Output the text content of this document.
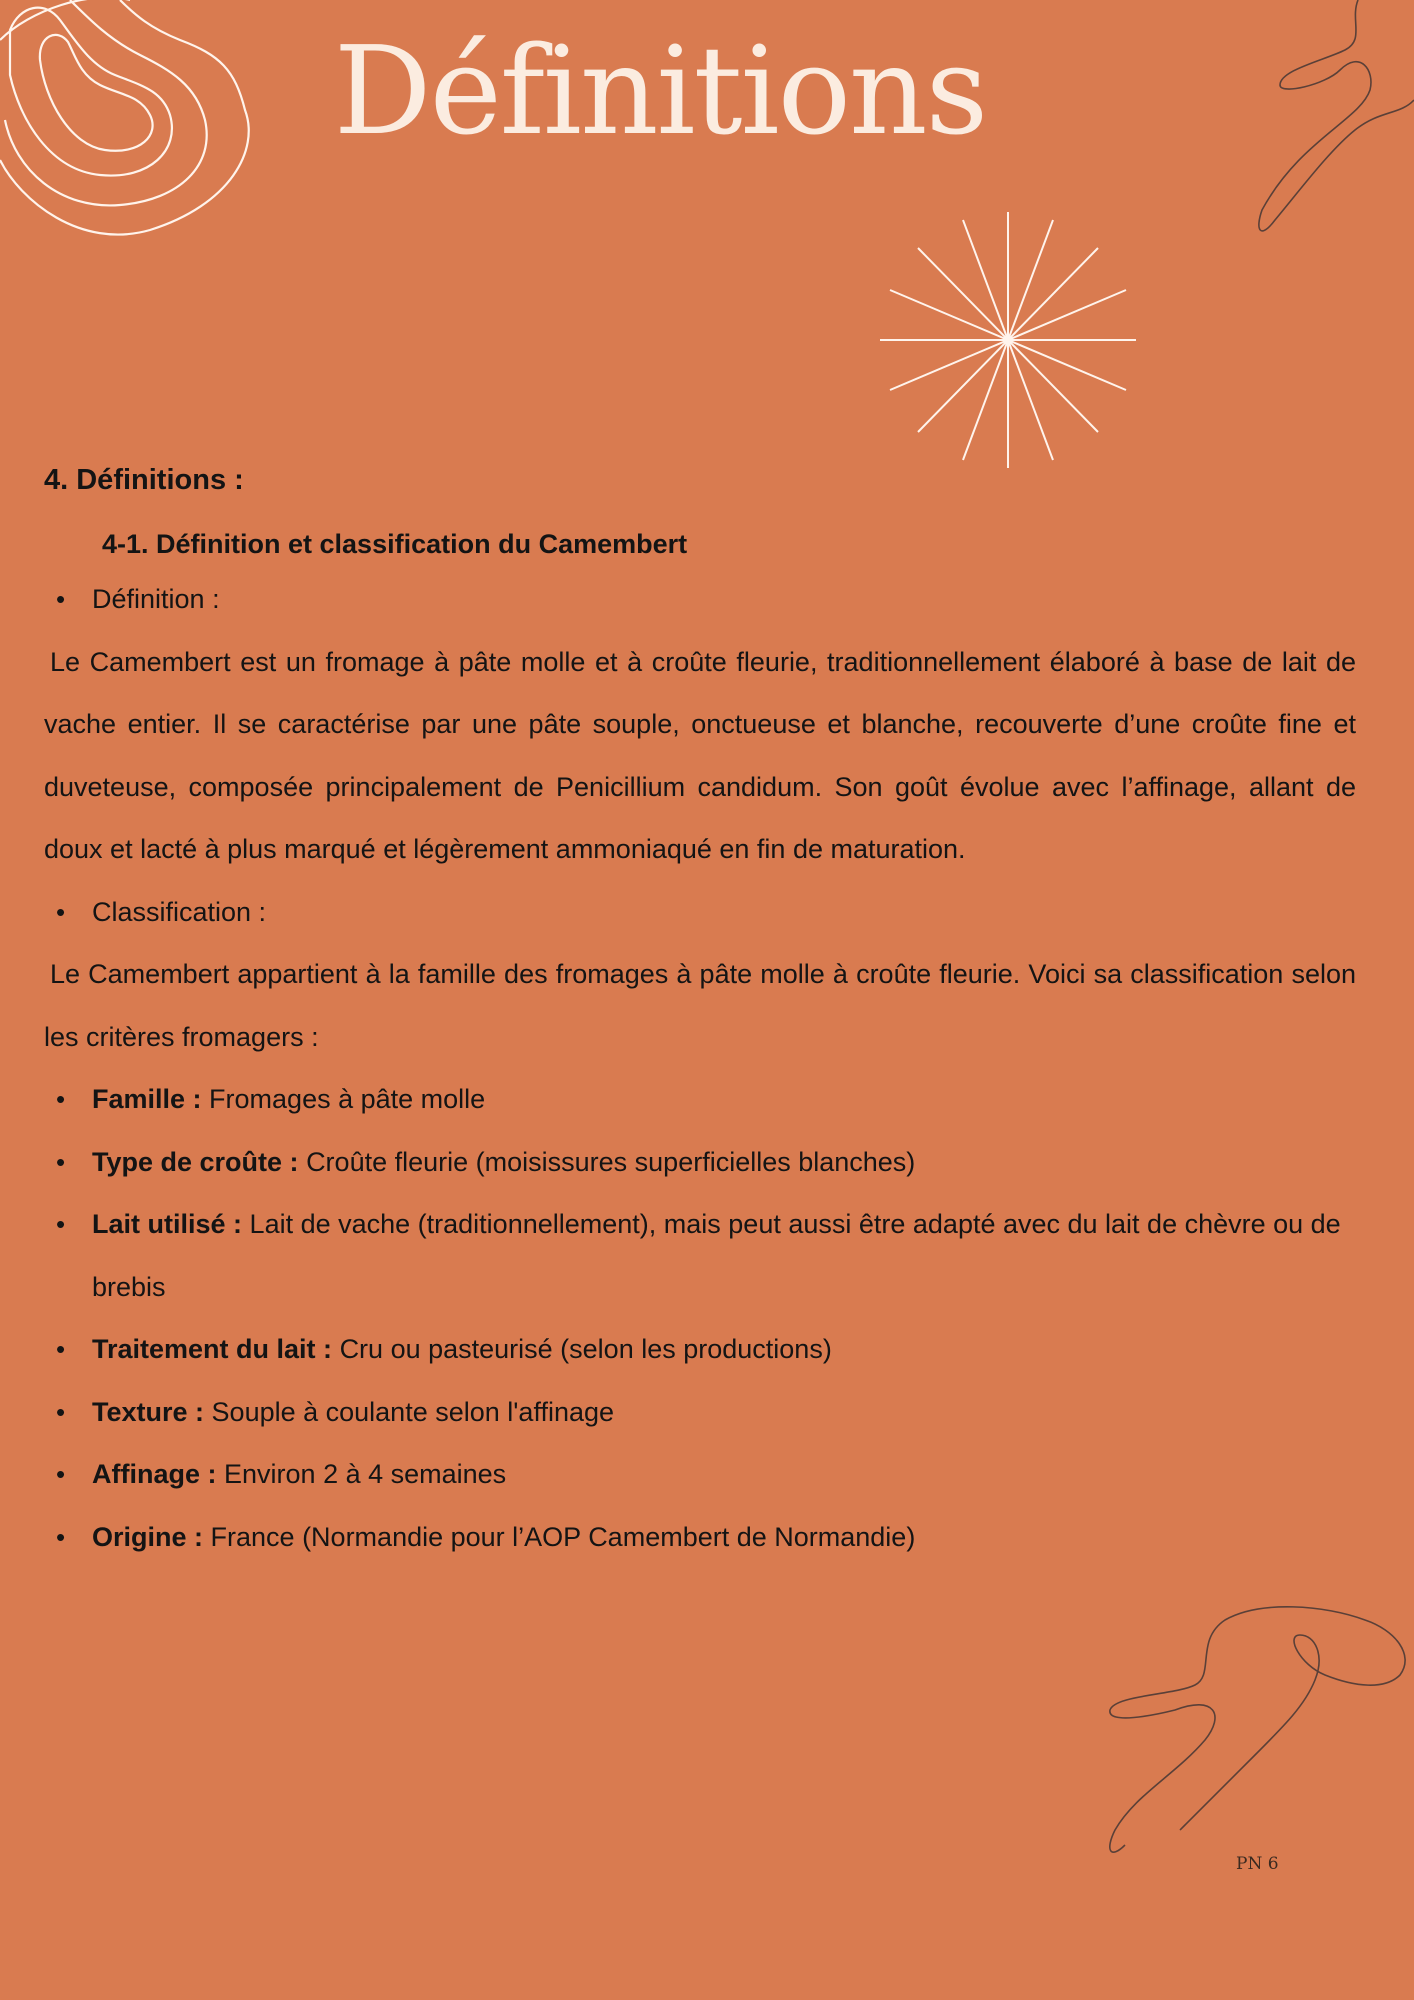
Définitions

4. Définitions :

4-1. Définition et classification du Camembert

• Définition :

Le Camembert est un fromage à pâte molle et à croûte fleurie, traditionnellement élaboré à base de lait de vache entier. Il se caractérise par une pâte souple, onctueuse et blanche, recouverte d’une croûte fine et duveteuse, composée principalement de Penicillium candidum. Son goût évolue avec l’affinage, allant de doux et lacté à plus marqué et légèrement ammoniaqué en fin de maturation.

• Classification :

Le Camembert appartient à la famille des fromages à pâte molle à croûte fleurie. Voici sa classification selon les critères fromagers :

• Famille : Fromages à pâte molle

• Type de croûte : Croûte fleurie (moisissures superficielles blanches)

• Lait utilisé : Lait de vache (traditionnellement), mais peut aussi être adapté avec du lait de chèvre ou de brebis

• Traitement du lait : Cru ou pasteurisé (selon les productions)

• Texture : Souple à coulante selon l'affinage

• Affinage : Environ 2 à 4 semaines

• Origine : France (Normandie pour l’AOP Camembert de Normandie)

PN 6
